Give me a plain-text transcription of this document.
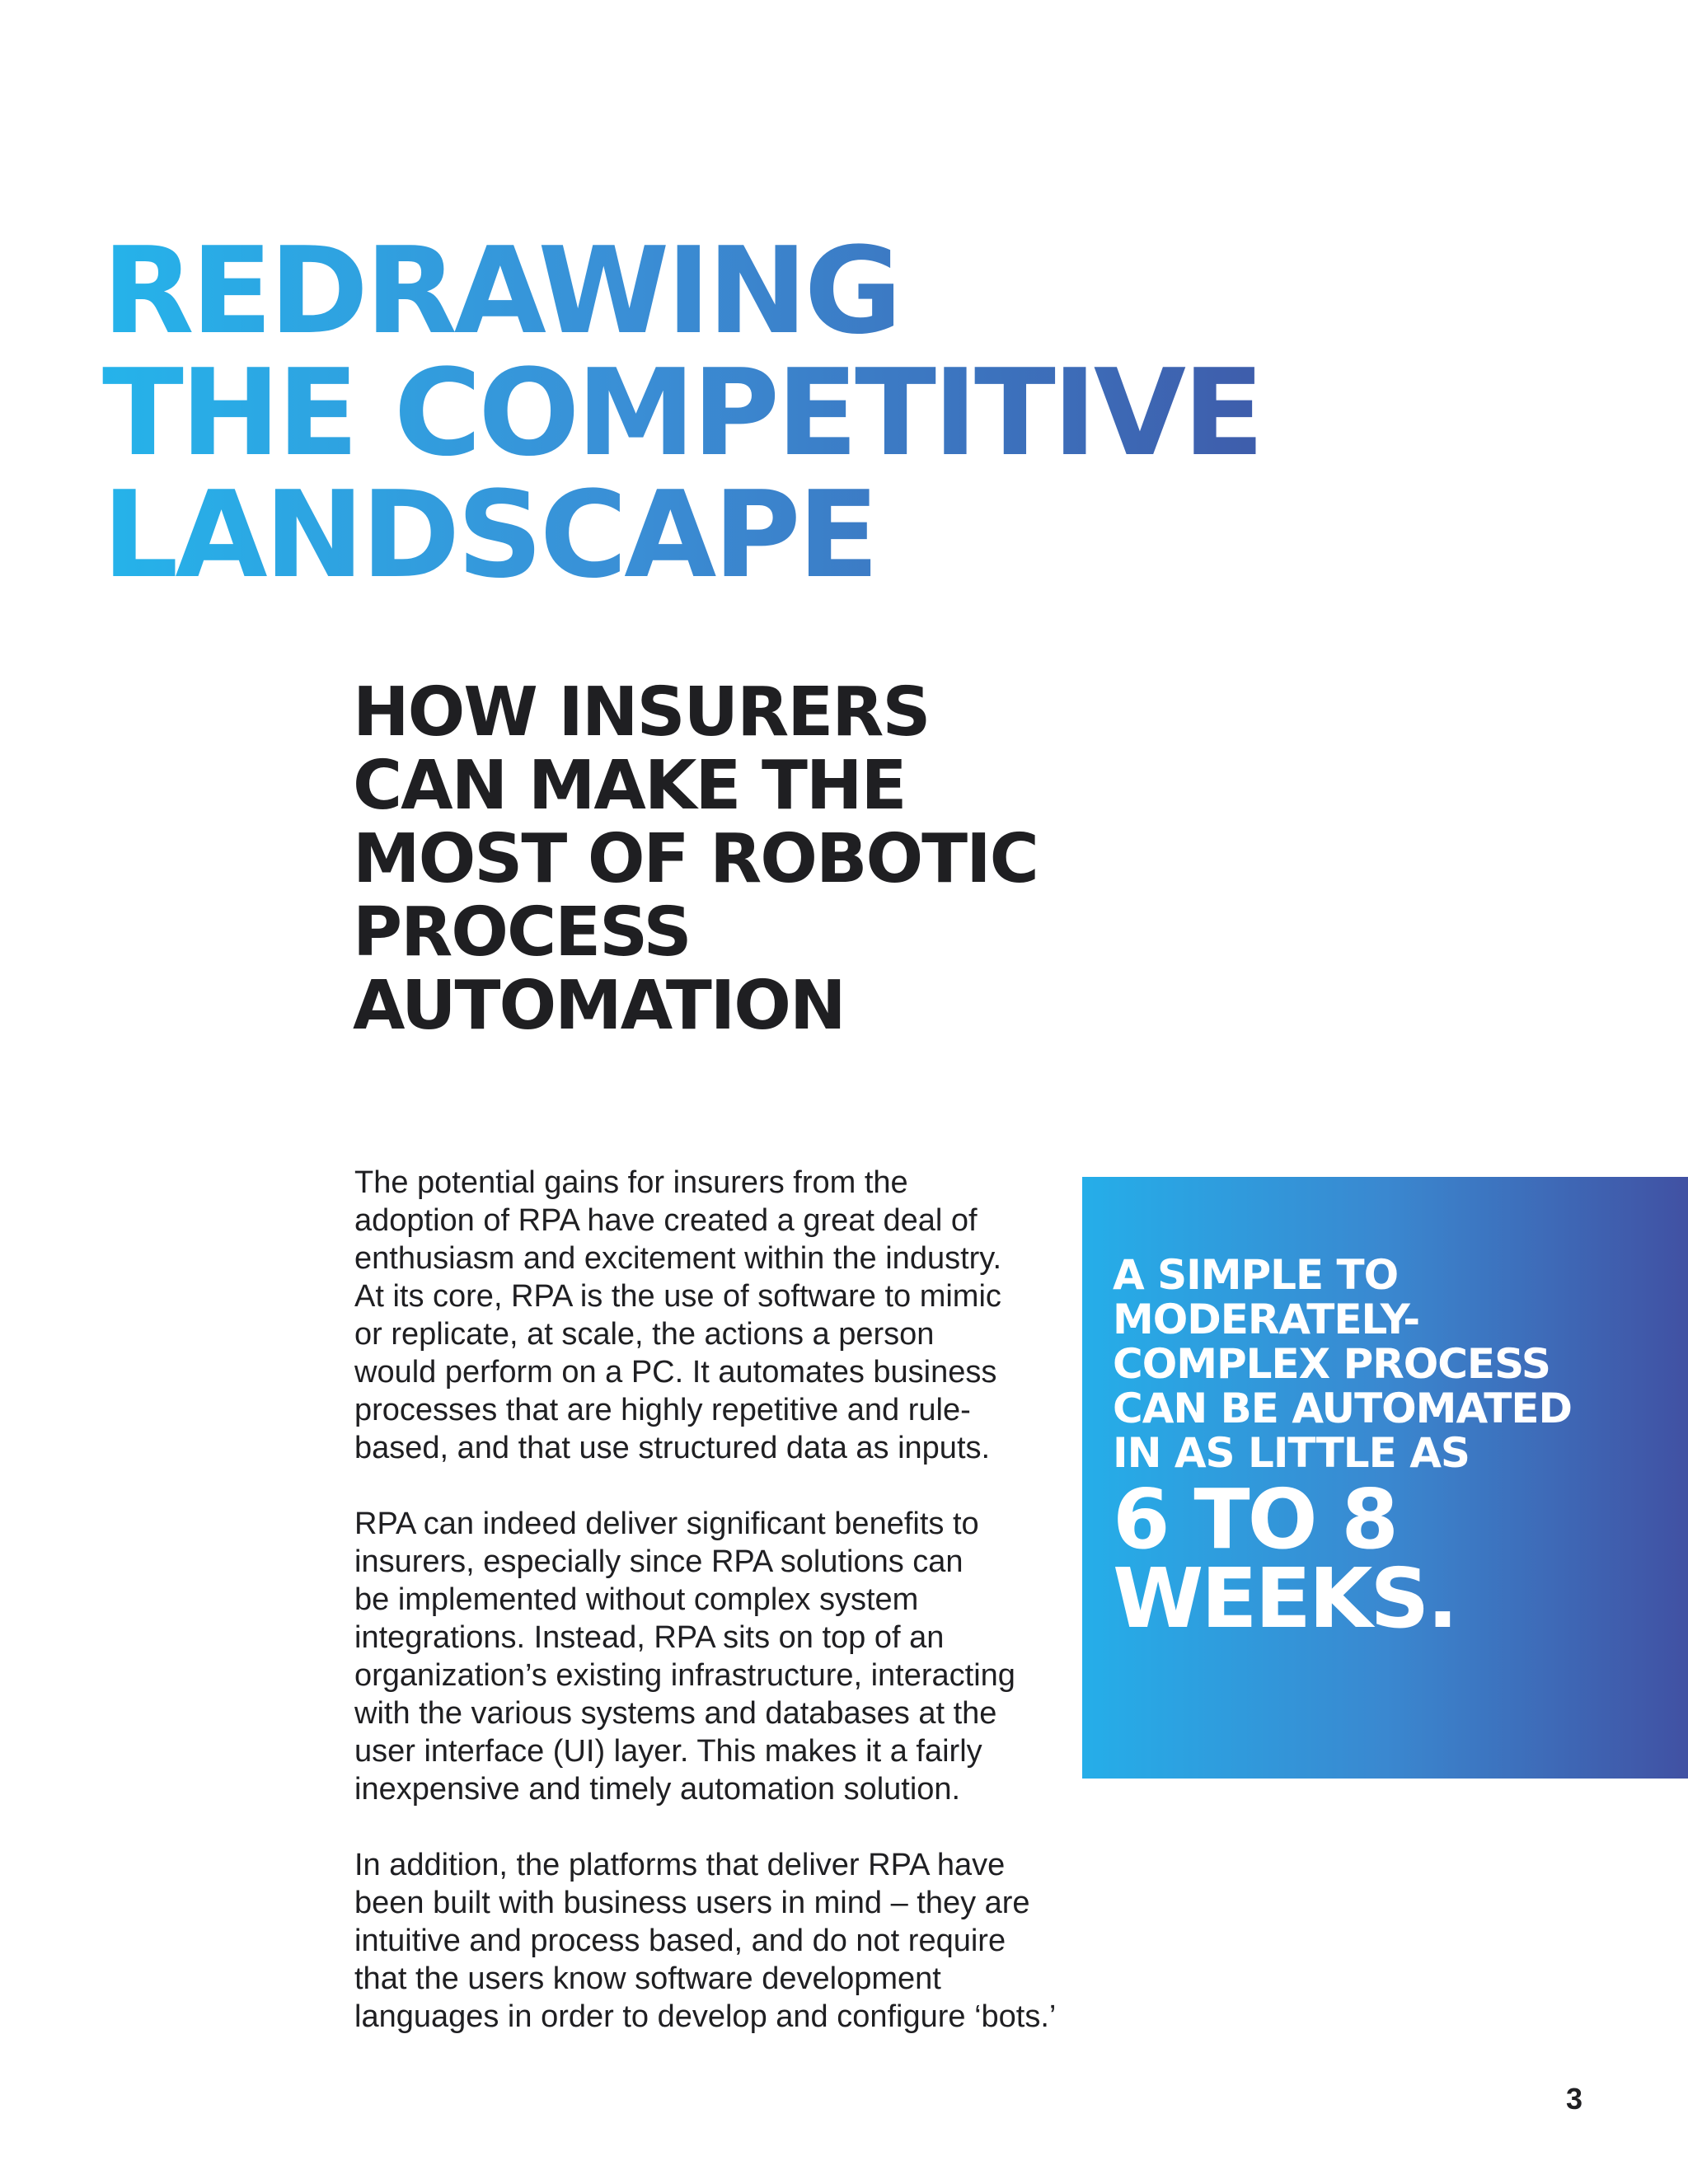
REDRAWING
THE COMPETITIVE
LANDSCAPE
HOW INSURERS
CAN MAKE THE
MOST OF ROBOTIC
PROCESS
AUTOMATION

The potential gains for insurers from the
adoption of RPA have created a great deal of
enthusiasm and excitement within the industry.
At its core, RPA is the use of software to mimic
or replicate, at scale, the actions a person
would perform on a PC. It automates business
processes that are highly repetitive and rule-
based, and that use structured data as inputs.

RPA can indeed deliver significant benefits to
insurers, especially since RPA solutions can
be implemented without complex system
integrations. Instead, RPA sits on top of an
organization’s existing infrastructure, interacting
with the various systems and databases at the
user interface (UI) layer. This makes it a fairly
inexpensive and timely automation solution.

In addition, the platforms that deliver RPA have
been built with business users in mind – they are
intuitive and process based, and do not require
that the users know software development
languages in order to develop and configure ‘bots.’

A SIMPLE TO
MODERATELY-
COMPLEX PROCESS
CAN BE AUTOMATED
IN AS LITTLE AS
6 TO 8
WEEKS.
3
